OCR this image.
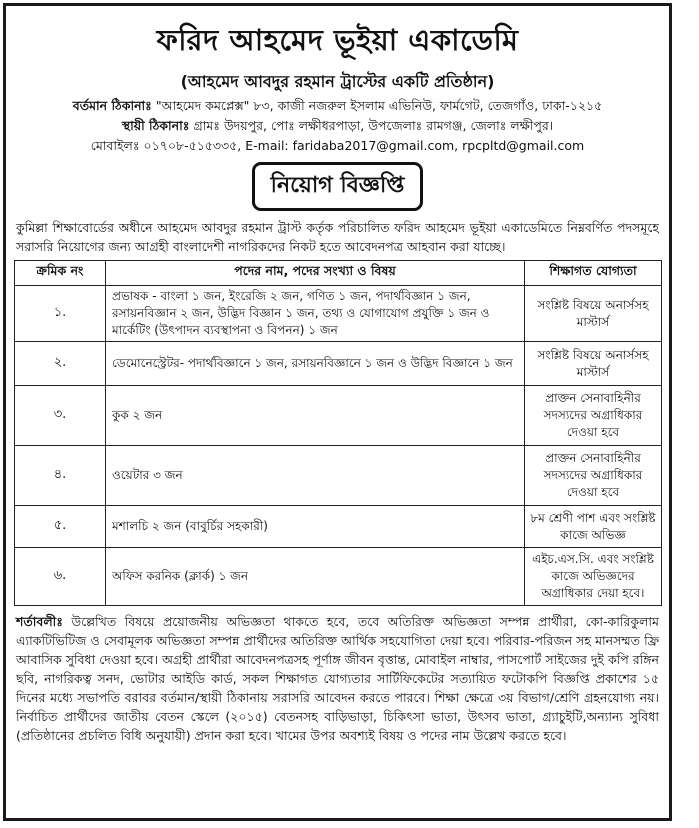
ফরিদ আহমেদ ভূইয়া একাডেমি
(আহমেদ আবদুর রহমান ট্রাস্টের একটি প্রতিষ্ঠান)
বর্তমান ঠিকানাঃ "আহমেদ কমপ্লেক্স" ৮৩, কাজী নজরুল ইসলাম এভিনিউ, ফার্মগেট, তেজগাঁও, ঢাকা-১২১৫
স্থায়ী ঠিকানাঃ গ্রামঃ উদয়পুর, পোঃ লক্ষীধরপাড়া, উপজেলাঃ রামগঞ্জ, জেলাঃ লক্ষীপুর।
মোবাইলঃ ০১৭০৮-৫১৫৩৩৫, E-mail: faridaba2017@gmail.com, rpcpltd@gmail.com
নিয়োগ বিজ্ঞপ্তি
কুমিল্লা শিক্ষাবোর্ডের অধীনে আহমেদ আবদুর রহমান ট্রাস্ট কর্তৃক পরিচালিত ফরিদ আহমেদ ভূইয়া একাডেমিতে নিম্নবর্ণিত পদসমূহে সরাসরি নিয়োগের জন্য আগ্রহী বাংলাদেশী নাগরিকদের নিকট হতে আবেদনপত্র আহবান করা যাচ্ছে।
ক্রমিক নং	পদের নাম, পদের সংখ্যা ও বিষয়	শিক্ষাগত যোগ্যতা
১.	প্রভাষক - বাংলা ১ জন, ইংরেজি ২ জন, গণিত ১ জন, পদার্থবিজ্ঞান ১ জন, রসায়নবিজ্ঞান ২ জন, উদ্ভিদ বিজ্ঞান ১ জন, তথ্য ও যোগাযোগ প্রযুক্তি ১ জন ও মার্কেটিং (উৎপাদন ব্যবস্থাপনা ও বিপনন) ১ জন	সংশ্লিষ্ট বিষয়ে অনার্সসহ মাস্টার্স
২.	ডেমোনেস্ট্রেটর- পদার্থবিজ্ঞানে ১ জন, রসায়নবিজ্ঞানে ১ জন ও উদ্ভিদ বিজ্ঞানে ১ জন	সংশ্লিষ্ট বিষয়ে অনার্সসহ মাস্টার্স
৩.	কুক ২ জন	প্রাক্তন সেনাবাহিনীর সদস্যদের অগ্রাধিকার দেওয়া হবে
৪.	ওয়েটার ৩ জন	প্রাক্তন সেনাবাহিনীর সদস্যদের অগ্রাধিকার দেওয়া হবে
৫.	মশালচি ২ জন (বাবুর্চির সহকারী)	৮ম শ্রেণী পাশ এবং সংশ্লিষ্ট কাজে অভিজ্ঞ
৬.	অফিস করনিক (ক্লার্ক) ১ জন	এইচ.এস.সি. এবং সংশ্লিষ্ট কাজে অভিজ্ঞদের অগ্রাধিকার দেয়া হবে।
শর্তাবলীঃ উল্লেখিত বিষয়ে প্রয়োজনীয় অভিজ্ঞতা থাকতে হবে, তবে অতিরিক্ত অভিজ্ঞতা সম্পন্ন প্রার্থীরা, কো-কারিকুলাম এ্যাকটিভিটিজ ও সেবামূলক অভিজ্ঞতা সম্পন্ন প্রার্থীদের অতিরিক্ত আর্থিক সহযোগিতা দেয়া হবে। পরিবার-পরিজন সহ মানসম্মত ফ্রি আবাসিক সুবিধা দেওয়া হবে। অগ্রহী প্রার্থীরা আবেদনপত্রসহ পূর্ণাঙ্গ জীবন বৃত্তান্ত, মোবাইল নাম্বার, পাসপোর্ট সাইজের দুই কপি রঙ্গিন ছবি, নাগরিকত্ব সনদ, ভোটার আইডি কার্ড, সকল শিক্ষাগত যোগ্যতার সার্টিফিকেটের সত্যায়িত ফটোকপি বিজ্ঞপ্তি প্রকাশের ১৫ দিনের মধ্যে সভাপতি বরাবর বর্তমান/স্থায়ী ঠিকানায় সরাসরি আবেদন করতে পারবে। শিক্ষা ক্ষেত্রে ৩য় বিভাগ/শ্রেণি গ্রহনযোগ্য নয়। নির্বাচিত প্রার্থীদের জাতীয় বেতন স্কেলে (২০১৫) বেতনসহ বাড়িভাড়া, চিকিৎসা ভাতা, উৎসব ভাতা, গ্র্যাচুইটি,অন্যান্য সুবিধা (প্রতিষ্ঠানের প্রচলিত বিধি অনুযায়ী) প্রদান করা হবে। খামের উপর অবশ্যই বিষয় ও পদের নাম উল্লেখ করতে হবে।
